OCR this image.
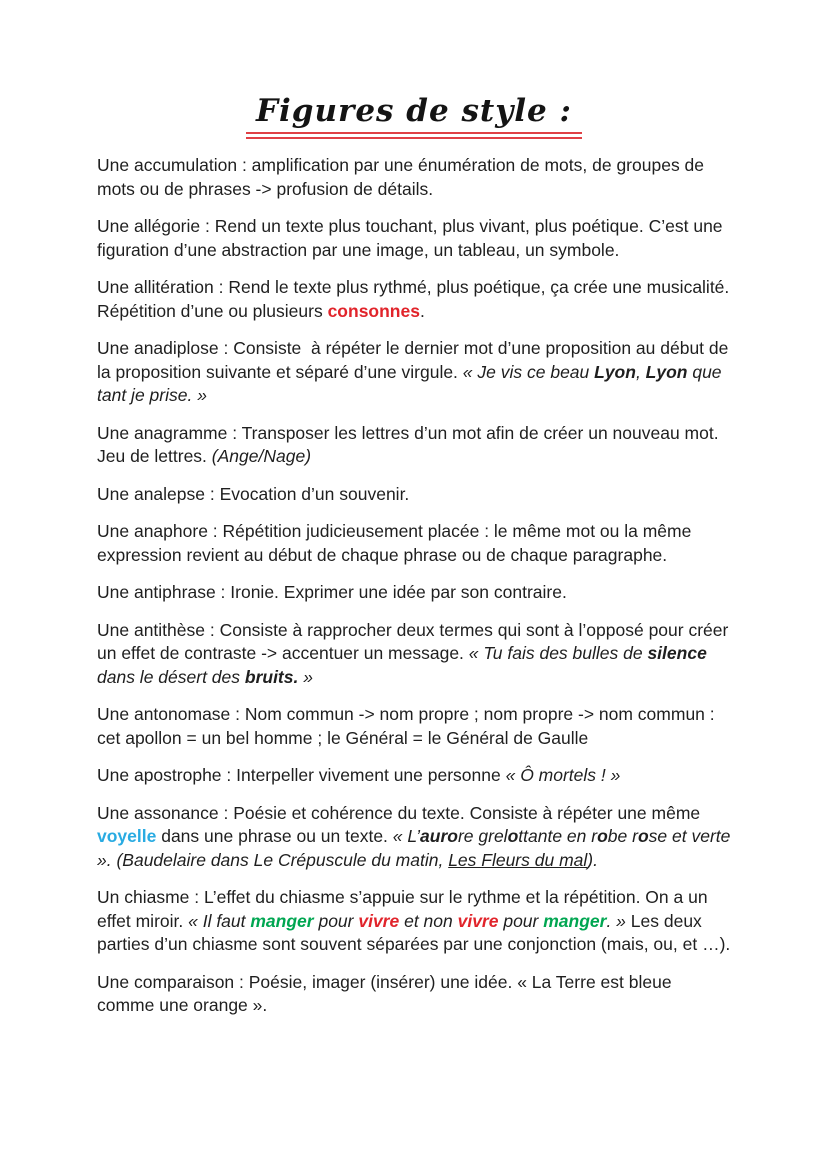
Figures de style :

Une accumulation : amplification par une énumération de mots, de groupes de mots ou de phrases -> profusion de détails.

Une allégorie : Rend un texte plus touchant, plus vivant, plus poétique. C’est une figuration d’une abstraction par une image, un tableau, un symbole.

Une allitération : Rend le texte plus rythmé, plus poétique, ça crée une musicalité. Répétition d’une ou plusieurs consonnes.

Une anadiplose : Consiste  à répéter le dernier mot d’une proposition au début de la proposition suivante et séparé d’une virgule. « Je vis ce beau Lyon, Lyon que tant je prise. »

Une anagramme : Transposer les lettres d’un mot afin de créer un nouveau mot. Jeu de lettres. (Ange/Nage)

Une analepse : Evocation d’un souvenir.

Une anaphore : Répétition judicieusement placée : le même mot ou la même expression revient au début de chaque phrase ou de chaque paragraphe.

Une antiphrase : Ironie. Exprimer une idée par son contraire.

Une antithèse : Consiste à rapprocher deux termes qui sont à l’opposé pour créer un effet de contraste -> accentuer un message. « Tu fais des bulles de silence dans le désert des bruits. »

Une antonomase : Nom commun -> nom propre ; nom propre -> nom commun : cet apollon = un bel homme ; le Général = le Général de Gaulle

Une apostrophe : Interpeller vivement une personne « Ô mortels ! »

Une assonance : Poésie et cohérence du texte. Consiste à répéter une même voyelle dans une phrase ou un texte. « L’aurore grelottante en robe rose et verte ». (Baudelaire dans Le Crépuscule du matin, Les Fleurs du mal).

Un chiasme : L’effet du chiasme s’appuie sur le rythme et la répétition. On a un effet miroir. « Il faut manger pour vivre et non vivre pour manger. » Les deux parties d’un chiasme sont souvent séparées par une conjonction (mais, ou, et …).

Une comparaison : Poésie, imager (insérer) une idée. « La Terre est bleue comme une orange ».
